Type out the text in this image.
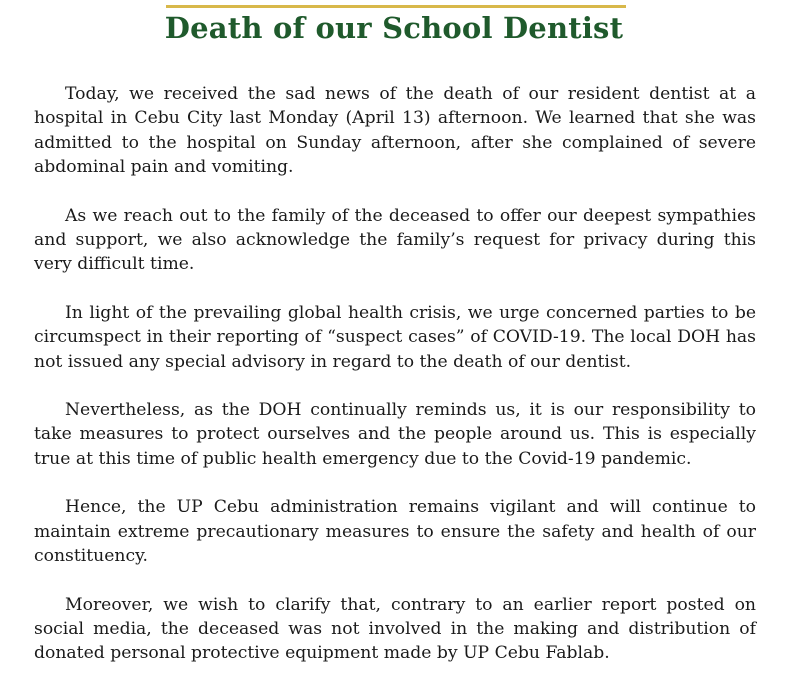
Death of our School Dentist

Today, we received the sad news of the death of our resident dentist at a hospital in Cebu City last Monday (April 13) afternoon. We learned that she was admitted to the hospital on Sunday afternoon, after she complained of severe abdominal pain and vomiting.

As we reach out to the family of the deceased to offer our deepest sympathies and support, we also acknowledge the family’s request for privacy during this very difficult time.

In light of the prevailing global health crisis, we urge concerned parties to be circumspect in their reporting of “suspect cases” of COVID-19. The local DOH has not issued any special advisory in regard to the death of our dentist.

Nevertheless, as the DOH continually reminds us, it is our responsibility to take measures to protect ourselves and the people around us. This is especially true at this time of public health emergency due to the Covid-19 pandemic.

Hence, the UP Cebu administration remains vigilant and will continue to maintain extreme precautionary measures to ensure the safety and health of our constituency.

Moreover, we wish to clarify that, contrary to an earlier report posted on social media, the deceased was not involved in the making and distribution of donated personal protective equipment made by UP Cebu Fablab.
